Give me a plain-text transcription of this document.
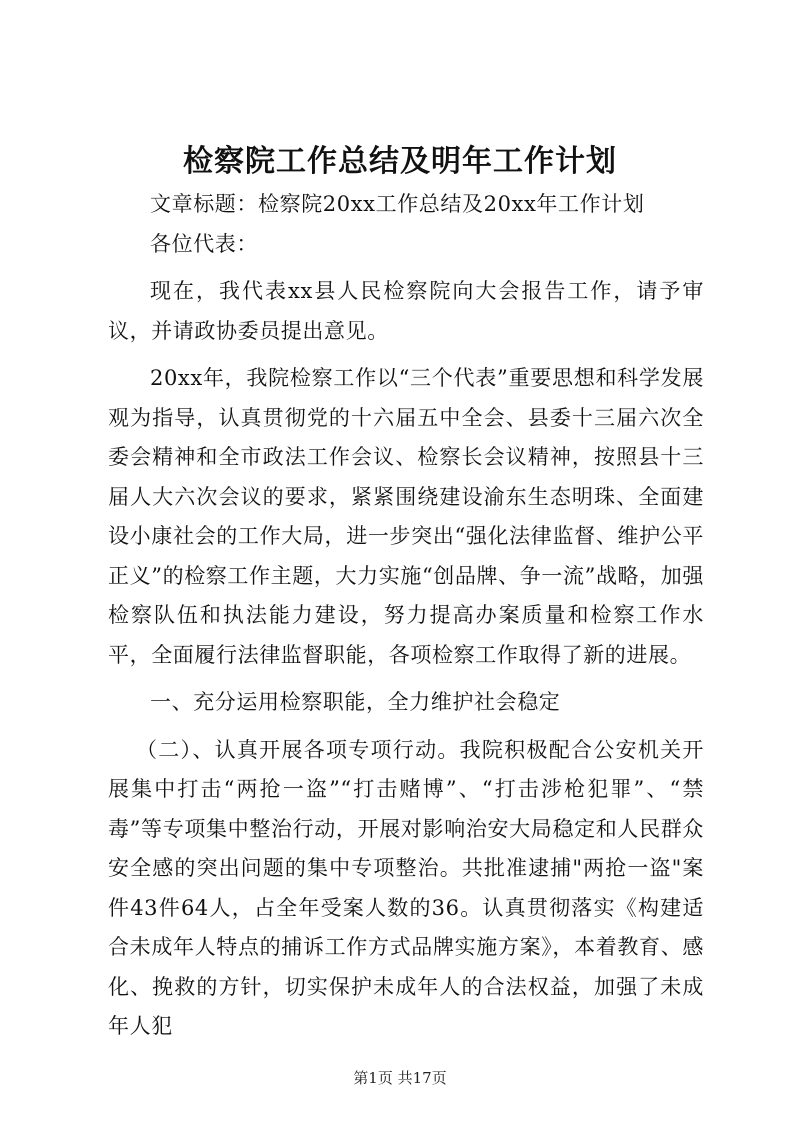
检察院工作总结及明年工作计划

文章标题：检察院20xx工作总结及20xx年工作计划

各位代表：

现在，我代表xx县人民检察院向大会报告工作，请予审议，并请政协委员提出意见。

20xx年，我院检察工作以“三个代表”重要思想和科学发展观为指导，认真贯彻党的十六届五中全会、县委十三届六次全委会精神和全市政法工作会议、检察长会议精神，按照县十三届人大六次会议的要求，紧紧围绕建设渝东生态明珠、全面建设小康社会的工作大局，进一步突出“强化法律监督、维护公平正义”的检察工作主题，大力实施“创品牌、争一流”战略，加强检察队伍和执法能力建设，努力提高办案质量和检察工作水平，全面履行法律监督职能，各项检察工作取得了新的进展。

一、充分运用检察职能，全力维护社会稳定

（二）、认真开展各项专项行动。我院积极配合公安机关开展集中打击“两抢一盗”“打击赌博”、“打击涉枪犯罪”、“禁毒”等专项集中整治行动，开展对影响治安大局稳定和人民群众安全感的突出问题的集中专项整治。共批准逮捕"两抢一盗"案件43件64人，占全年受案人数的36。认真贯彻落实《构建适合未成年人特点的捕诉工作方式品牌实施方案》，本着教育、感化、挽救的方针，切实保护未成年人的合法权益，加强了未成年人犯

第1页 共17页
